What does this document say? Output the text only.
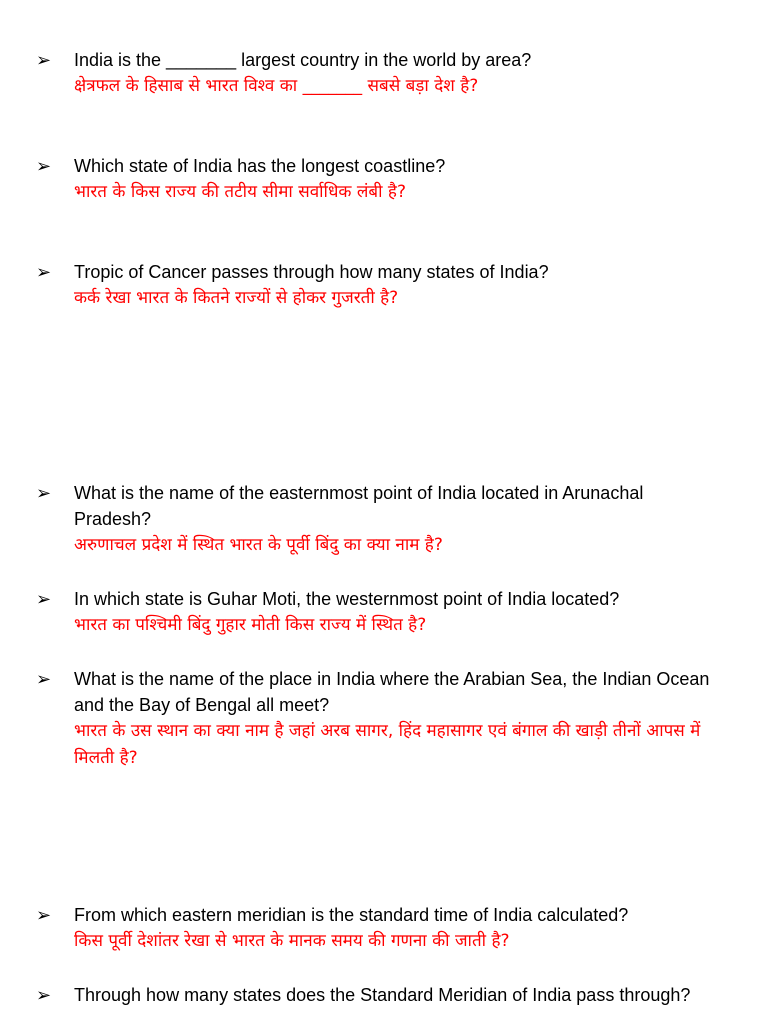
➢ India is the _______ largest country in the world by area?
क्षेत्रफल के हिसाब से भारत विश्व का _______ सबसे बड़ा देश है?
➢ Which state of India has the longest coastline?
भारत के किस राज्य की तटीय सीमा सर्वाधिक लंबी है?
➢ Tropic of Cancer passes through how many states of India?
कर्क रेखा भारत के कितने राज्यों से होकर गुजरती है?
➢ What is the name of the easternmost point of India located in Arunachal Pradesh?
अरुणाचल प्रदेश में स्थित भारत के पूर्वी बिंदु का क्या नाम है?
➢ In which state is Guhar Moti, the westernmost point of India located?
भारत का पश्चिमी बिंदु गुहार मोती किस राज्य में स्थित है?
➢ What is the name of the place in India where the Arabian Sea, the Indian Ocean and the Bay of Bengal all meet?
भारत के उस स्थान का क्या नाम है जहां अरब सागर, हिंद महासागर एवं बंगाल की खाड़ी तीनों आपस में मिलती है?
➢ From which eastern meridian is the standard time of India calculated?
किस पूर्वी देशांतर रेखा से भारत के मानक समय की गणना की जाती है?
➢ Through how many states does the Standard Meridian of India pass through?
